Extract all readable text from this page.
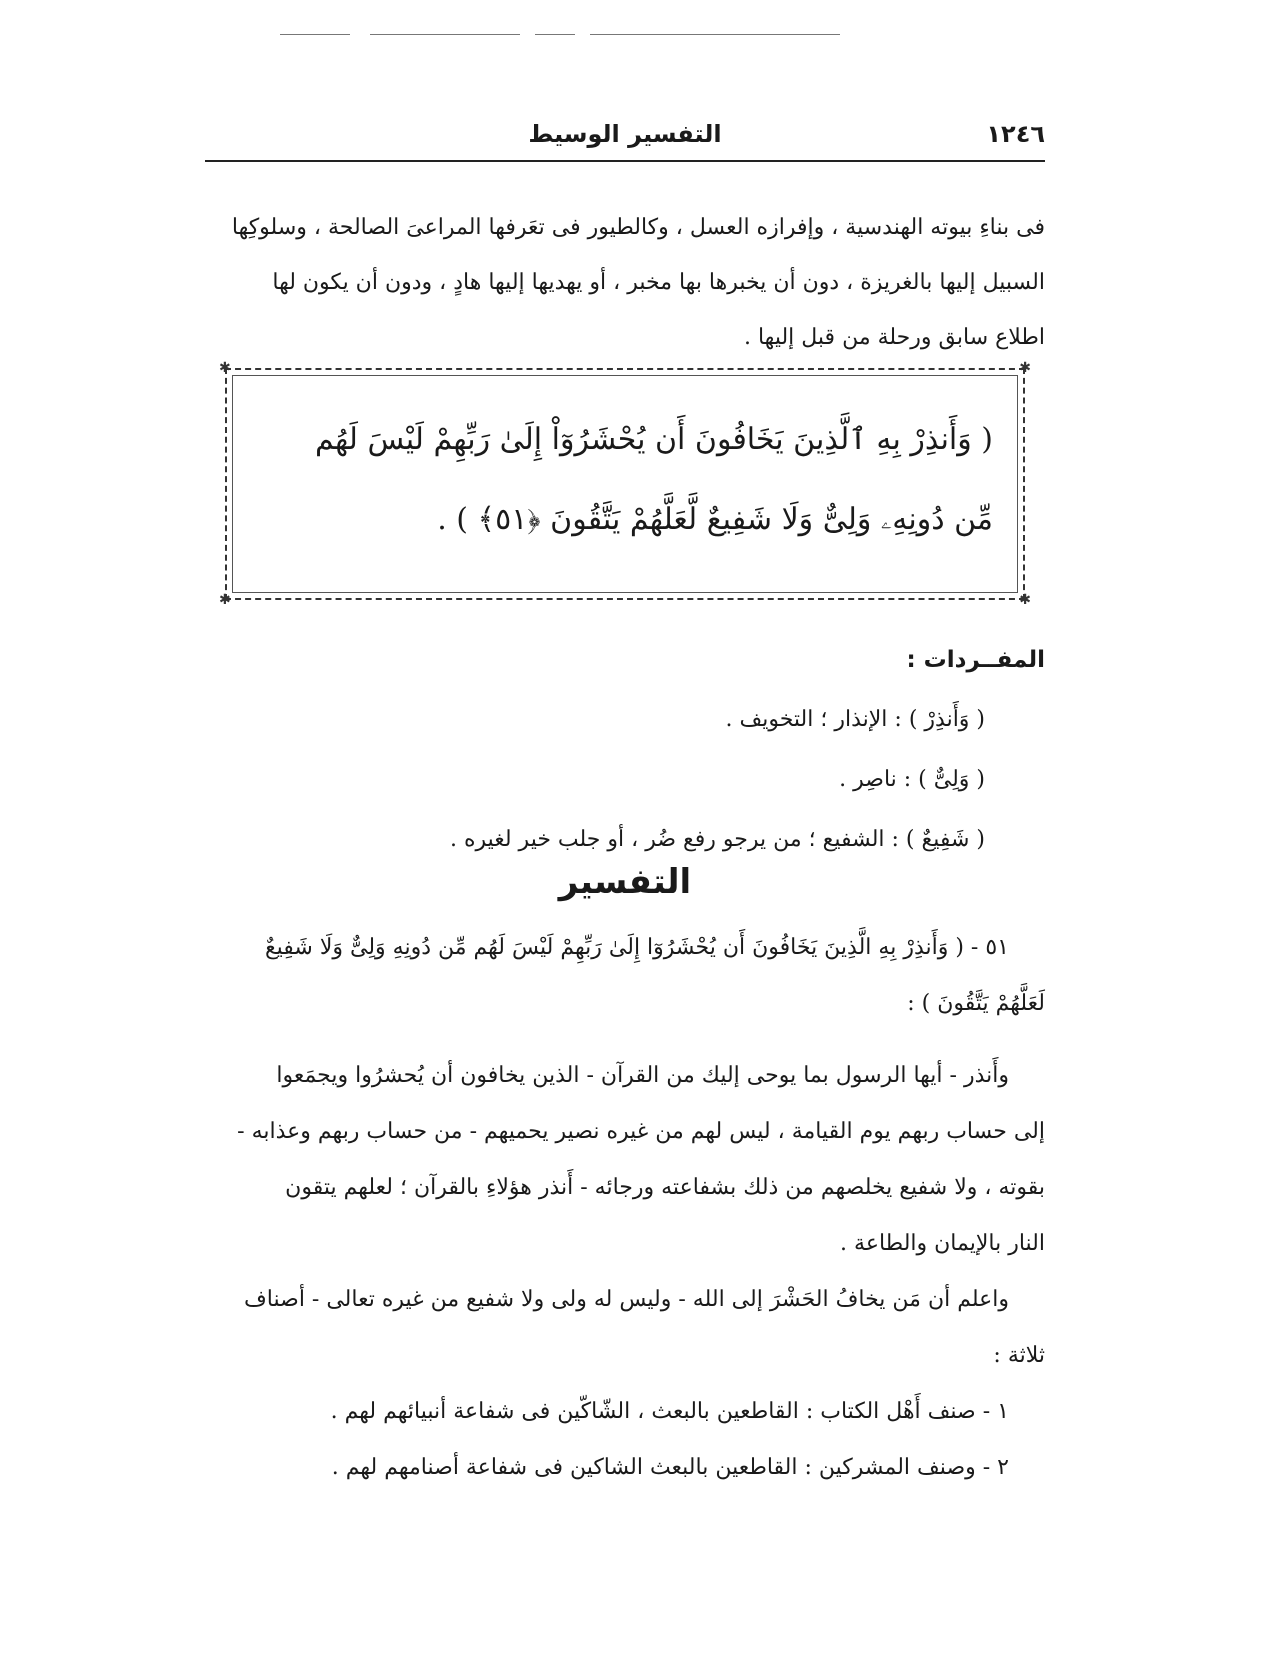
١٢٤٦
التفسير الوسيط

فى بناءِ بيوته الهندسية ، وإفرازه العسل ، وكالطيور فى تعَرفها المراعىَ الصالحة ، وسلوكِها

السبيل إليها بالغريزة ، دون أن يخبرها بها مخبر ، أو يهديها إليها هادٍ ، ودون أن يكون لها

اطلاع سابق ورحلة من قبل إليها .

✱	✱
✱	✱

( وَأَنذِرْ بِهِ ٱلَّذِينَ يَخَافُونَ أَن يُحْشَرُوٓاْ إِلَىٰ رَبِّهِمْ لَيْسَ لَهُم

مِّن دُونِهِۦ وَلِىٌّ وَلَا شَفِيعٌ لَّعَلَّهُمْ يَتَّقُونَ ﴿٥١﴾ ) .

المفــردات :

( وَأَنذِرْ ) : الإنذار ؛ التخويف .

( وَلِىٌّ ) : ناصِر .

( شَفِيعٌ ) : الشفيع ؛ من يرجو رفع ضُر ، أو جلب خير لغيره .

التفسير

٥١ - ( وَأَنذِرْ بِهِ الَّذِينَ يَخَافُونَ أَن يُحْشَرُوٓا إِلَىٰ رَبِّهِمْ لَيْسَ لَهُم مِّن دُونِهِ وَلِىٌّ وَلَا شَفِيعٌ

لَعَلَّهُمْ يَتَّقُونَ ) :

وأَنذر - أيها الرسول بما يوحى إليك من القرآن - الذين يخافون أن يُحشرُوا ويجمَعوا

إلى حساب ربهم يوم القيامة ، ليس لهم من غيره نصير يحميهم - من حساب ربهم وعذابه -

بقوته ، ولا شفيع يخلصهم من ذلك بشفاعته ورجائه - أَنذر هؤلاءِ بالقرآن ؛ لعلهم يتقون

النار بالإيمان والطاعة .

واعلم أن مَن يخافُ الحَشْرَ إلى الله - وليس له ولى ولا شفيع من غيره تعالى - أصناف

ثلاثة :

١ - صنف أَهْل الكتاب : القاطعين بالبعث ، الشّاكّين فى شفاعة أنبيائهم لهم .

٢ - وصنف المشركين : القاطعين بالبعث الشاكين فى شفاعة أصنامهم لهم .
